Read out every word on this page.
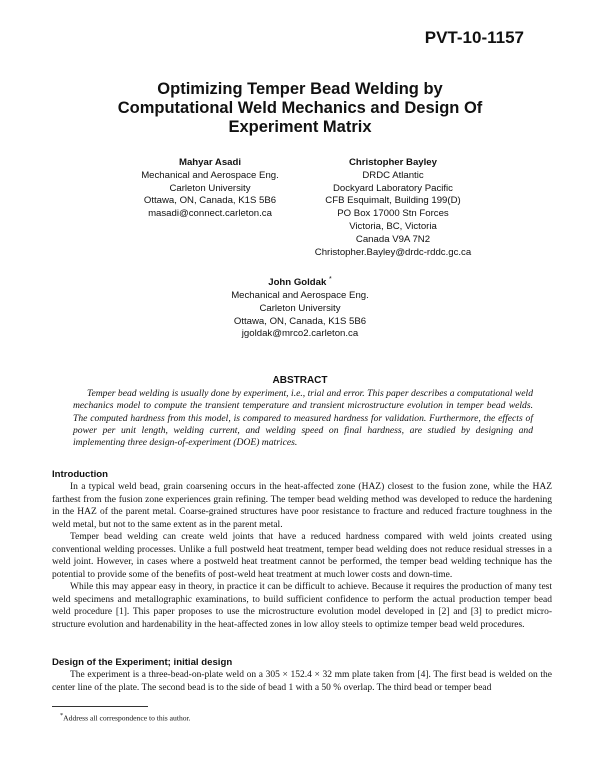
PVT-10-1157
Optimizing Temper Bead Welding by
Computational Weld Mechanics and Design Of
Experiment Matrix
Mahyar Asadi
Mechanical and Aerospace Eng.
Carleton University
Ottawa, ON, Canada, K1S 5B6
masadi@connect.carleton.ca
Christopher Bayley
DRDC Atlantic
Dockyard Laboratory Pacific
CFB Esquimalt, Building 199(D)
PO Box 17000 Stn Forces
Victoria, BC, Victoria
Canada V9A 7N2
Christopher.Bayley@drdc-rddc.gc.ca
John Goldak *
Mechanical and Aerospace Eng.
Carleton University
Ottawa, ON, Canada, K1S 5B6
jgoldak@mrco2.carleton.ca
ABSTRACT
Temper bead welding is usually done by experiment, i.e., trial and error. This paper describes a computational weld mechanics model to compute the transient temperature and transient microstructure evolution in temper bead welds. The computed hardness from this model, is compared to measured hardness for validation. Furthermore, the effects of power per unit length, welding current, and welding speed on final hardness, are studied by designing and implementing three design-of-experiment (DOE) matrices.
Introduction

In a typical weld bead, grain coarsening occurs in the heat-affected zone (HAZ) closest to the fusion zone, while the HAZ farthest from the fusion zone experiences grain refining. The temper bead welding method was developed to reduce the hardening in the HAZ of the parent metal. Coarse-grained structures have poor resistance to fracture and reduced fracture toughness in the weld metal, but not to the same extent as in the parent metal.

Temper bead welding can create weld joints that have a reduced hardness compared with weld joints created using conventional welding processes. Unlike a full postweld heat treatment, temper bead welding does not reduce residual stresses in a weld joint. However, in cases where a postweld heat treatment cannot be performed, the temper bead welding technique has the potential to provide some of the benefits of post-weld heat treatment at much lower costs and down-time.

While this may appear easy in theory, in practice it can be difficult to achieve. Because it requires the production of many test weld specimens and metallographic examinations, to build sufficient confidence to perform the actual production temper bead weld procedure [1]. This paper proposes to use the microstructure evolution model developed in [2] and [3] to predict micro-structure evolution and hardenability in the heat-affected zones in low alloy steels to optimize temper bead weld procedures.

Design of the Experiment; initial design

The experiment is a three-bead-on-plate weld on a 305 × 152.4 × 32 mm plate taken from [4]. The first bead is welded on the center line of the plate. The second bead is to the side of bead 1 with a 50 % overlap. The third bead or temper bead

*Address all correspondence to this author.
